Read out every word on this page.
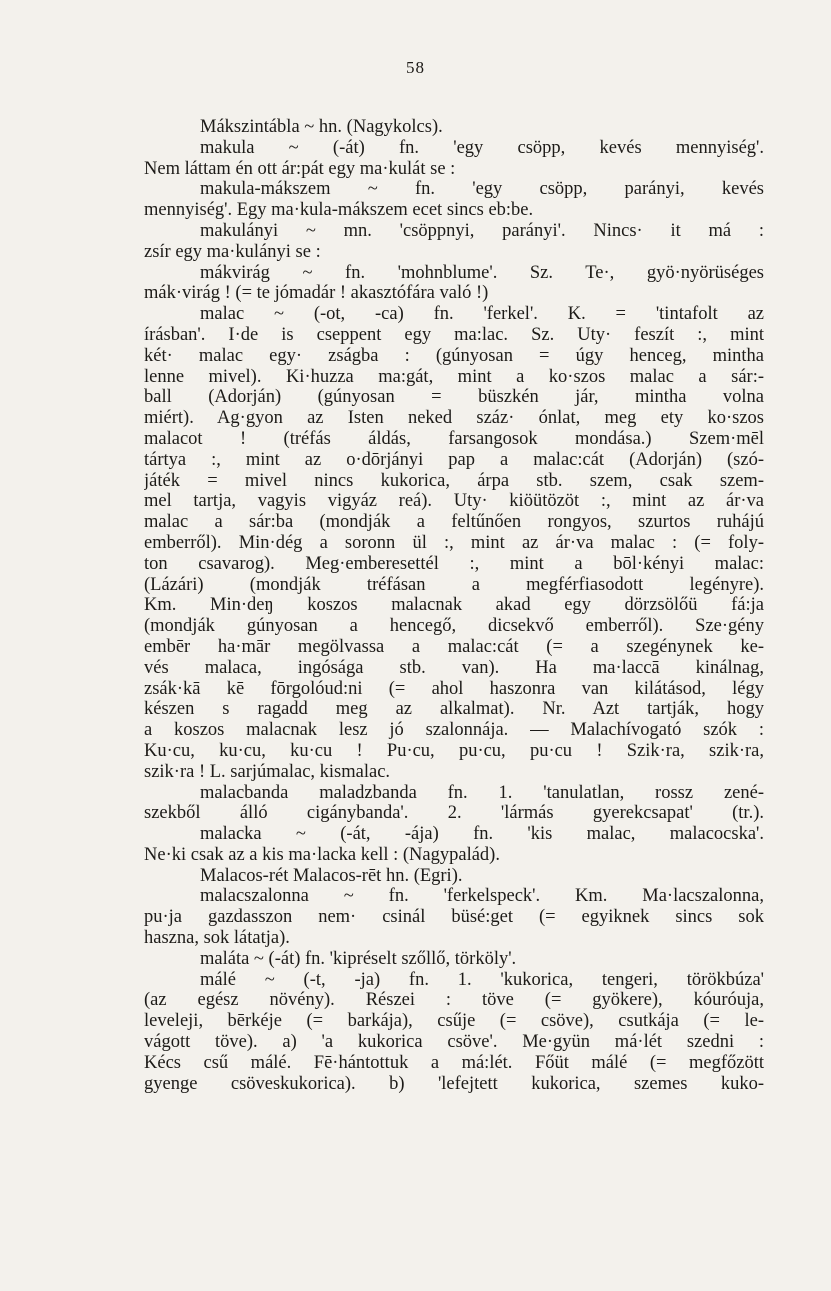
58
Mákszintábla ~ hn. (Nagykolcs).
makula ~ (-át) fn. 'egy csöpp, kevés mennyiség'.
Nem láttam én ott ár:pát egy ma·kulát se :
makula-mákszem ~ fn. 'egy csöpp, parányi, kevés
mennyiség'. Egy ma·kula-mákszem ecet sincs eb:be.
makulányi ~ mn. 'csöppnyi, parányi'. Nincs· it má :
zsír egy ma·kulányi se :
mákvirág ~ fn. 'mohnblume'. Sz. Te·, gyö·nyörüséges
mák·virág ! (= te jómadár ! akasztófára való !)
malac ~ (-ot, -ca) fn. 'ferkel'. K. = 'tintafolt az
írásban'. I·de is cseppent egy ma:lac. Sz. Uty· feszít :, mint
két· malac egy· zságba : (gúnyosan = úgy henceg, mintha
lenne mivel). Ki·huzza ma:gát, mint a ko·szos malac a sár:-
ball (Adorján) (gúnyosan = büszkén jár, mintha volna
miért). Ag·gyon az Isten neked száz· ónlat, meg ety ko·szos
malacot ! (tréfás áldás, farsangosok mondása.) Szem·mēl
tártya :, mint az o·dōrjányi pap a malac:cát (Adorján) (szó-
játék = mivel nincs kukorica, árpa stb. szem, csak szem-
mel tartja, vagyis vigyáz reá). Uty· kiöütözöt :, mint az ár·va
malac a sár:ba (mondják a feltűnően rongyos, szurtos ruhájú
emberről). Min·dég a soronn ül :, mint az ár·va malac : (= foly-
ton csavarog). Meg·emberesettél :, mint a bōl·kényi malac:
(Lázári) (mondják tréfásan a megférfiasodott legényre).
Km. Min·deŋ koszos malacnak akad egy dörzsölőü fá:ja
(mondják gúnyosan a hencegő, dicsekvő emberről). Sze·gény
embēr ha·mār megölvassa a malac:cát (= a szegénynek ke-
vés malaca, ingósága stb. van). Ha ma·laccā kinálnag,
zsák·kā kē fōrgolóud:ni (= ahol haszonra van kilátásod, légy
készen s ragadd meg az alkalmat). Nr. Azt tartják, hogy
a koszos malacnak lesz jó szalonnája. — Malachívogató szók :
Ku·cu, ku·cu, ku·cu ! Pu·cu, pu·cu, pu·cu ! Szik·ra, szik·ra,
szik·ra ! L. sarjúmalac, kismalac.
malacbanda maladzbanda fn. 1. 'tanulatlan, rossz zené-
szekből álló cigánybanda'. 2. 'lármás gyerekcsapat' (tr.).
malacka ~ (-át, -ája) fn. 'kis malac, malacocska'.
Ne·ki csak az a kis ma·lacka kell : (Nagypalád).
Malacos-rét Malacos-rēt hn. (Egri).
malacszalonna ~ fn. 'ferkelspeck'. Km. Ma·lacszalonna,
pu·ja gazdasszon nem· csinál büsé:get (= egyiknek sincs sok
haszna, sok látatja).
maláta ~ (-át) fn. 'kipréselt szőllő, törköly'.
málé ~ (-t, -ja) fn. 1. 'kukorica, tengeri, törökbúza'
(az egész növény). Részei : töve (= gyökere), kóuróuja,
leveleji, bērkéje (= barkája), csűje (= csöve), csutkája (= le-
vágott töve). a) 'a kukorica csöve'. Me·gyün má·lét szedni :
Kécs csű málé. Fē·hántottuk a má:lét. Főüt málé (= megfőzött
gyenge csöveskukorica). b) 'lefejtett kukorica, szemes kuko-
